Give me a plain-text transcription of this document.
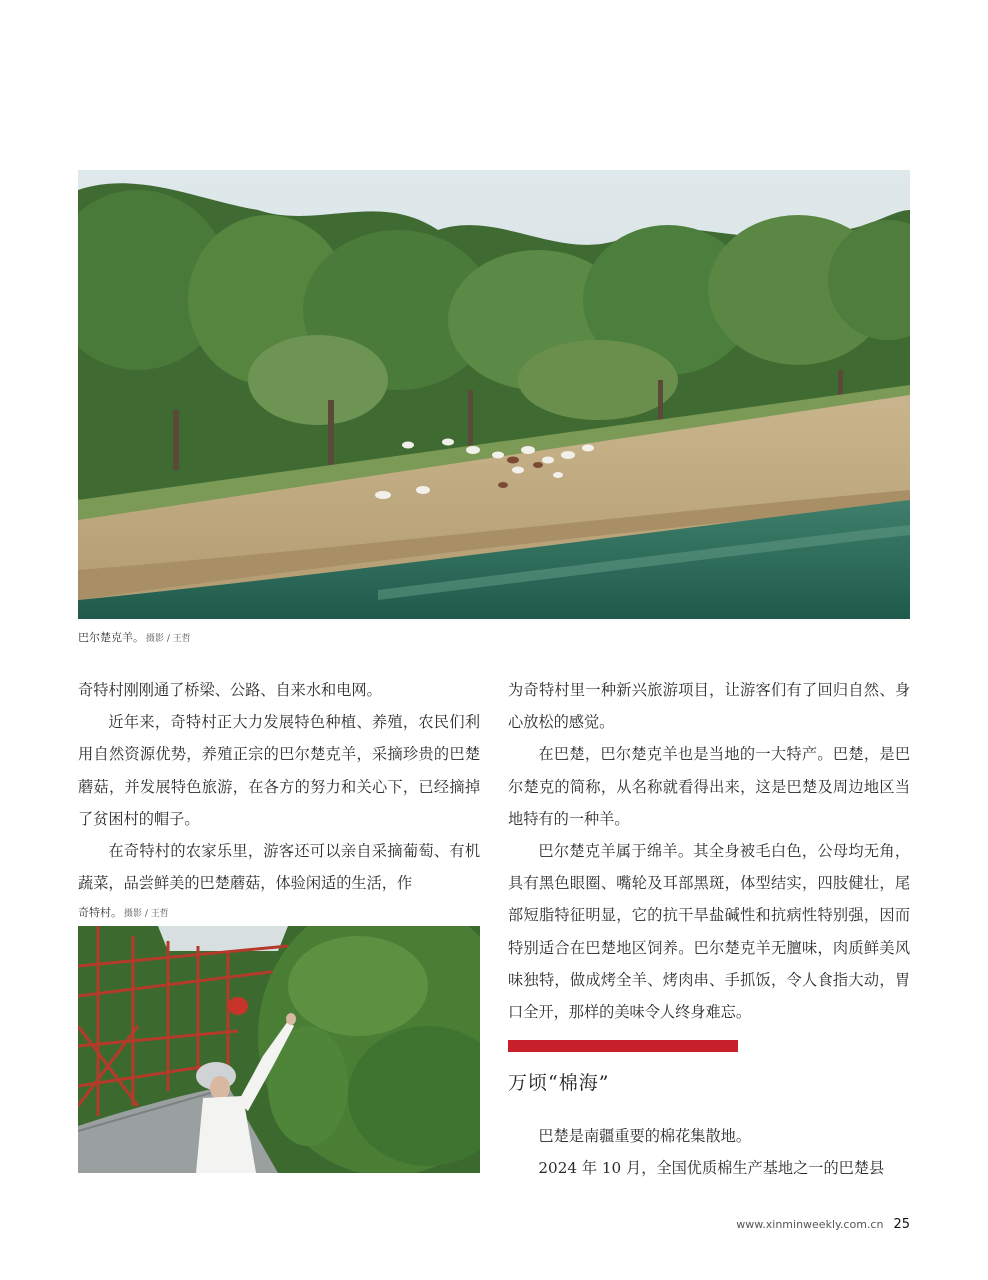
巴尔楚克羊。 摄影 / 王哲

奇特村刚刚通了桥梁、公路、自来水和电网。

近年来，奇特村正大力发展特色种植、养殖，农民们利用自然资源优势，养殖正宗的巴尔楚克羊，采摘珍贵的巴楚蘑菇，并发展特色旅游，在各方的努力和关心下，已经摘掉了贫困村的帽子。

在奇特村的农家乐里，游客还可以亲自采摘葡萄、有机蔬菜，品尝鲜美的巴楚蘑菇，体验闲适的生活，作

奇特村。 摄影 / 王哲

为奇特村里一种新兴旅游项目，让游客们有了回归自然、身心放松的感觉。

在巴楚，巴尔楚克羊也是当地的一大特产。巴楚，是巴尔楚克的简称，从名称就看得出来，这是巴楚及周边地区当地特有的一种羊。

巴尔楚克羊属于绵羊。其全身被毛白色，公母均无角，具有黑色眼圈、嘴轮及耳部黑斑，体型结实，四肢健壮，尾部短脂特征明显，它的抗干旱盐碱性和抗病性特别强，因而特别适合在巴楚地区饲养。巴尔楚克羊无膻味，肉质鲜美风味独特，做成烤全羊、烤肉串、手抓饭，令人食指大动，胃口全开，那样的美味令人终身难忘。

万顷“棉海”

巴楚是南疆重要的棉花集散地。

2024 年 10 月，全国优质棉生产基地之一的巴楚县

www.xinminweekly.com.cn 25
